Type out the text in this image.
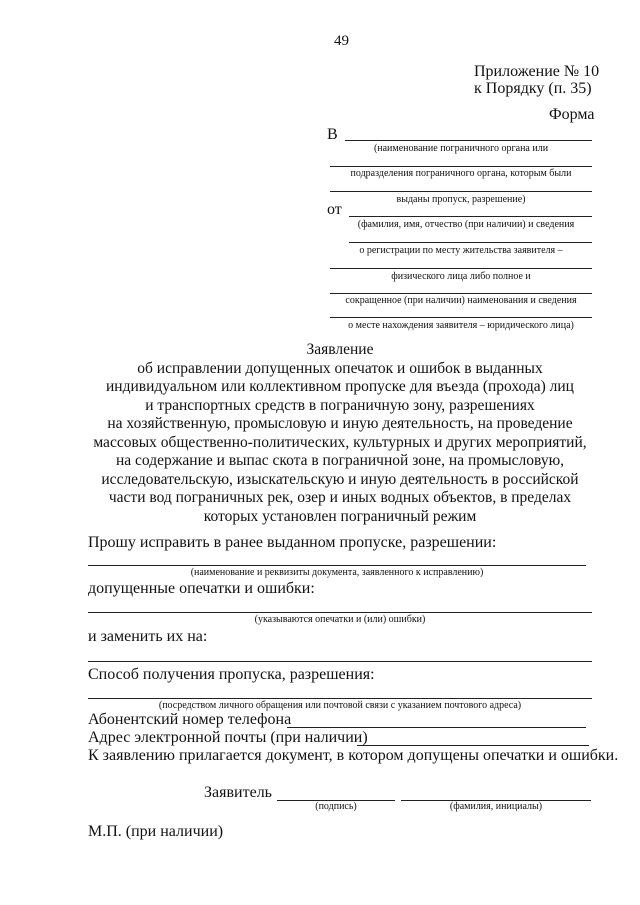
49
Приложение № 10
к Порядку (п. 35)
Форма
В
(наименование пограничного органа или
подразделения пограничного органа, которым были
выданы пропуск, разрешение)
от
(фамилия, имя, отчество (при наличии) и сведения
о регистрации по месту жительства заявителя –
физического лица либо полное и
сокращенное (при наличии) наименования и сведения
о месте нахождения заявителя – юридического лица)
Заявление
об исправлении допущенных опечаток и ошибок в выданных
индивидуальном или коллективном пропуске для въезда (прохода) лиц
и транспортных средств в пограничную зону, разрешениях
на хозяйственную, промысловую и иную деятельность, на проведение
массовых общественно-политических, культурных и других мероприятий,
на содержание и выпас скота в пограничной зоне, на промысловую,
исследовательскую, изыскательскую и иную деятельность в российской
части вод пограничных рек, озер и иных водных объектов, в пределах
которых установлен пограничный режим
Прошу исправить в ранее выданном пропуске, разрешении:
(наименование и реквизиты документа, заявленного к исправлению)
допущенные опечатки и ошибки:
(указываются опечатки и (или) ошибки)
и заменить их на:
Способ получения пропуска, разрешения:
(посредством личного обращения или почтовой связи с указанием почтового адреса)
Абонентский номер телефона
Адрес электронной почты (при наличии)
К заявлению прилагается документ, в котором допущены опечатки и ошибки.
Заявитель
(подпись)	(фамилия, инициалы)
М.П. (при наличии)
